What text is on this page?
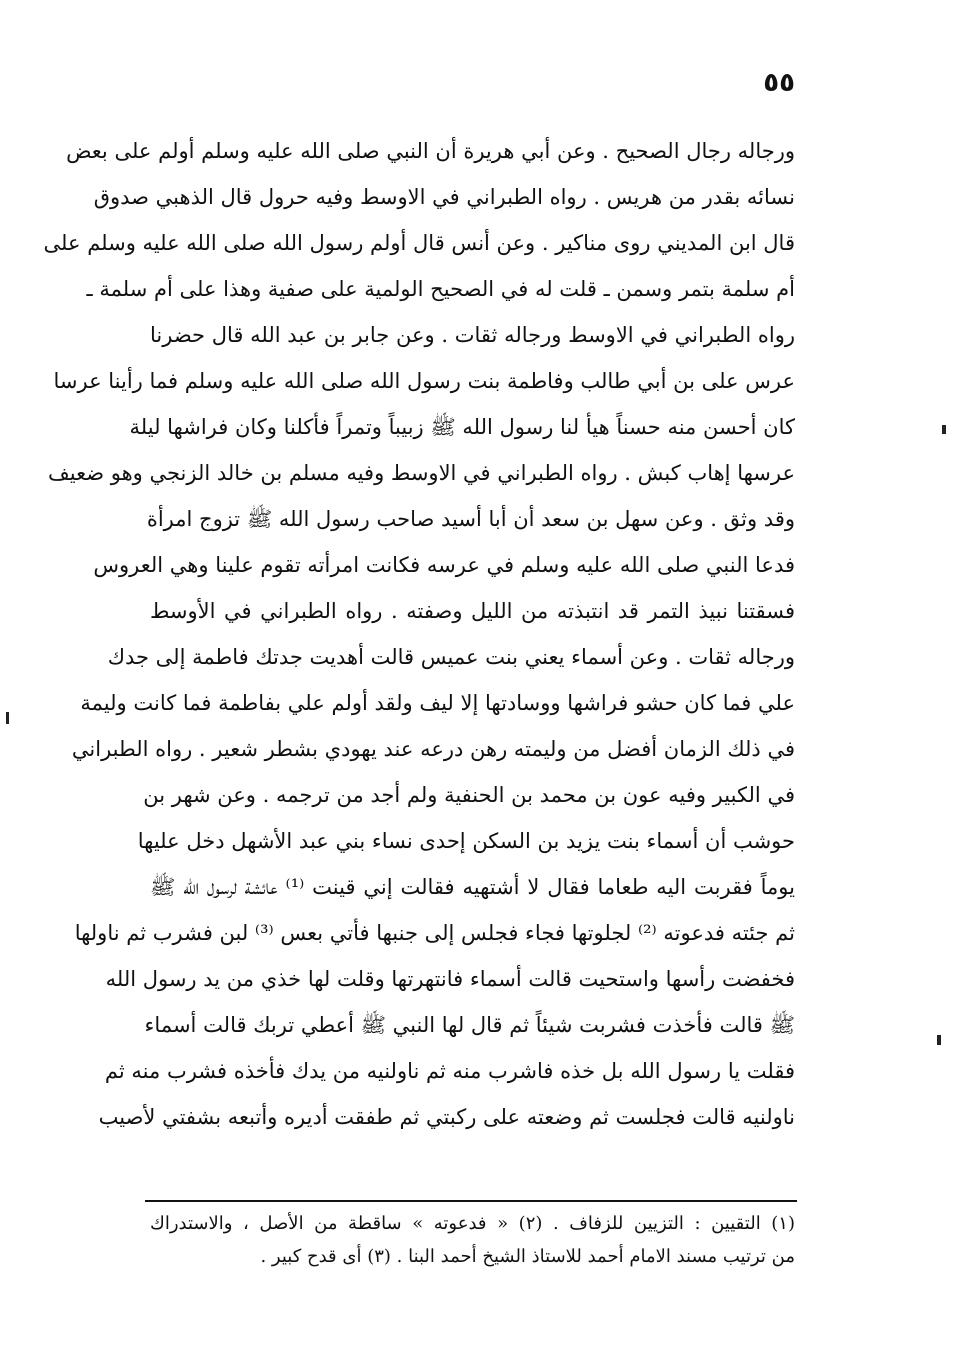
٥٥
ورجاله رجال الصحيح . وعن أبي هريرة أن النبي صلى الله عليه وسلم أولم على بعض
نسائه بقدر من هريس . رواه الطبراني في الاوسط وفيه حرول قال الذهبي صدوق
قال ابن المديني روى مناكير . وعن أنس قال أولم رسول الله صلى الله عليه وسلم على
أم سلمة بتمر وسمن ـ قلت له في الصحيح الولمية على صفية وهذا على أم سلمة ـ
رواه الطبراني في الاوسط ورجاله ثقات . وعن جابر بن عبد الله قال حضرنا
عرس على بن أبي طالب وفاطمة بنت رسول الله صلى الله عليه وسلم فما رأينا عرسا
كان أحسن منه حسناً هيأ لنا رسول الله ﷺ زبيباً وتمراً فأكلنا وكان فراشها ليلة
عرسها إهاب كبش . رواه الطبراني في الاوسط وفيه مسلم بن خالد الزنجي وهو ضعيف
وقد وثق . وعن سهل بن سعد أن أبا أسيد صاحب رسول الله ﷺ تزوج امرأة
فدعا النبي صلى الله عليه وسلم في عرسه فكانت امرأته تقوم علينا وهي العروس
فسقتنا نبيذ التمر قد انتبذته من الليل وصفته . رواه الطبراني في الأوسط
ورجاله ثقات . وعن أسماء يعني بنت عميس قالت أهديت جدتك فاطمة إلى جدك
علي فما كان حشو فراشها ووسادتها إلا ليف ولقد أولم علي بفاطمة فما كانت وليمة
في ذلك الزمان أفضل من وليمته رهن درعه عند يهودي بشطر شعير . رواه الطبراني
في الكبير وفيه عون بن محمد بن الحنفية ولم أجد من ترجمه . وعن شهر بن
حوشب أن أسماء بنت يزيد بن السكن إحدى نساء بني عبد الأشهل دخل عليها
يوماً فقربت اليه طعاما فقال لا أشتهيه فقالت إني قينت ⁽¹⁾ عائشة لرسول الله ﷺ
ثم جئته فدعوته ⁽²⁾ لجلوتها فجاء فجلس إلى جنبها فأتي بعس ⁽³⁾ لبن فشرب ثم ناولها
فخفضت رأسها واستحيت قالت أسماء فانتهرتها وقلت لها خذي من يد رسول الله
ﷺ قالت فأخذت فشربت شيئاً ثم قال لها النبي ﷺ أعطي تربك قالت أسماء
فقلت يا رسول الله بل خذه فاشرب منه ثم ناولنيه من يدك فأخذه فشرب منه ثم
ناولنيه قالت فجلست ثم وضعته على ركبتي ثم طفقت أديره وأتبعه بشفتي لأصيب
(١) التقيين : التزيين للزفاف . (٢) « فدعوته » ساقطة من الأصل ، والاستدراك
من ترتيب مسند الامام أحمد للاستاذ الشيخ أحمد البنا . (٣) أى قدح كبير .
